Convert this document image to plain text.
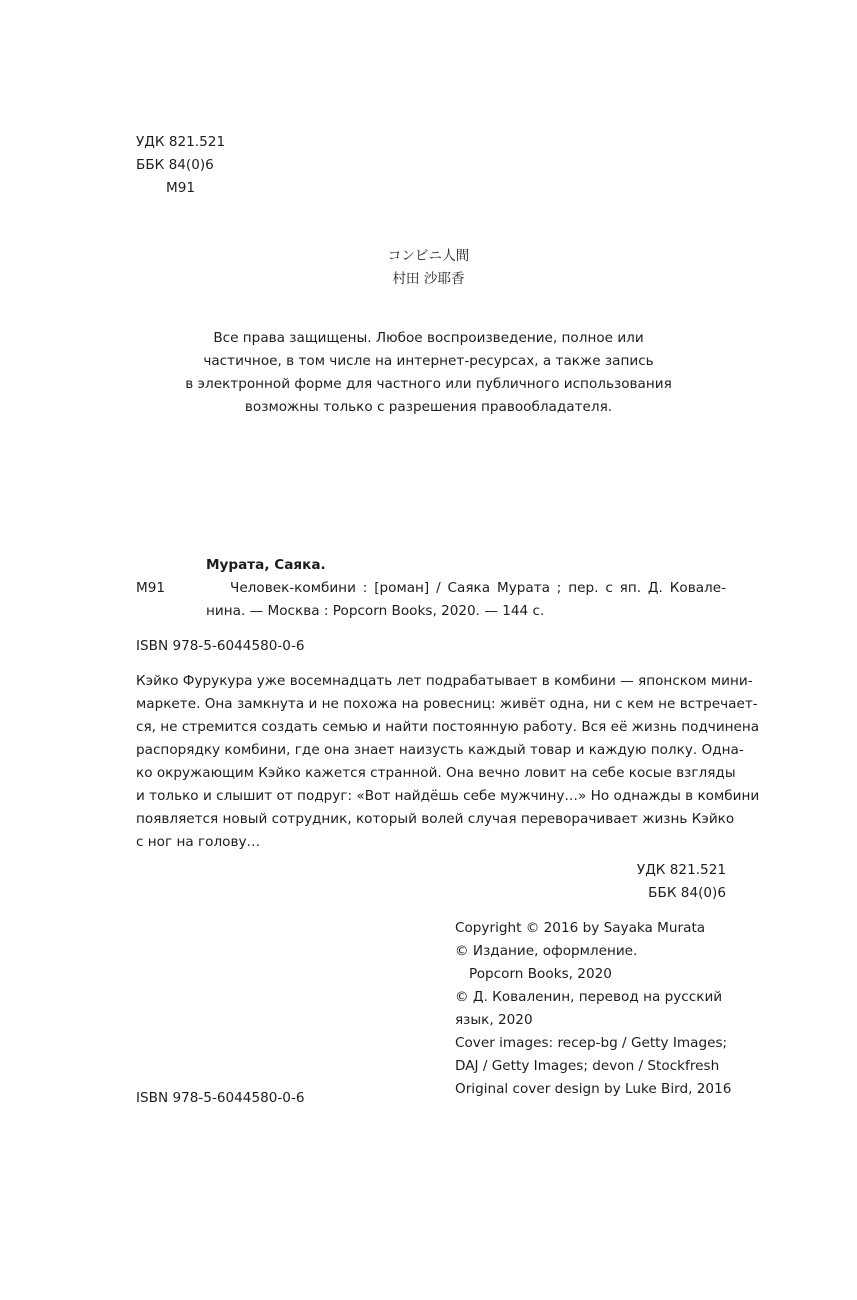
УДК 821.521
ББК 84(0)6
М91
コンビニ人間
村田 沙耶香
Все права защищены. Любое воспроизведение, полное или
частичное, в том числе на интернет-ресурсах, а также запись
в электронной форме для частного или публичного использования
возможны только с разрешения правообладателя.
Мурата, Саяка.
М91	Человек-комбини : [роман] / Саяка Мурата ; пер. с яп. Д. Ковале-
нина. — Москва : Popcorn Books, 2020. — 144 с.
ISBN 978-5-6044580-0-6
Кэйко Фурукура уже восемнадцать лет подрабатывает в комбини — японском мини-
маркете. Она замкнута и не похожа на ровесниц: живёт одна, ни с кем не встречает-
ся, не стремится создать семью и найти постоянную работу. Вся её жизнь подчинена
распорядку комбини, где она знает наизусть каждый товар и каждую полку. Одна-
ко окружающим Кэйко кажется странной. Она вечно ловит на себе косые взгляды
и только и слышит от подруг: «Вот найдёшь себе мужчину…» Но однажды в комбини
появляется новый сотрудник, который волей случая переворачивает жизнь Кэйко
с ног на голову…
УДК 821.521
ББК 84(0)6
Copyright © 2016 by Sayaka Murata
© Издание, оформление.
Popcorn Books, 2020
© Д. Коваленин, перевод на русский
язык, 2020
Cover images: recep-bg / Getty Images;
DAJ / Getty Images; devon / Stockfresh
Original cover design by Luke Bird, 2016
ISBN 978-5-6044580-0-6
